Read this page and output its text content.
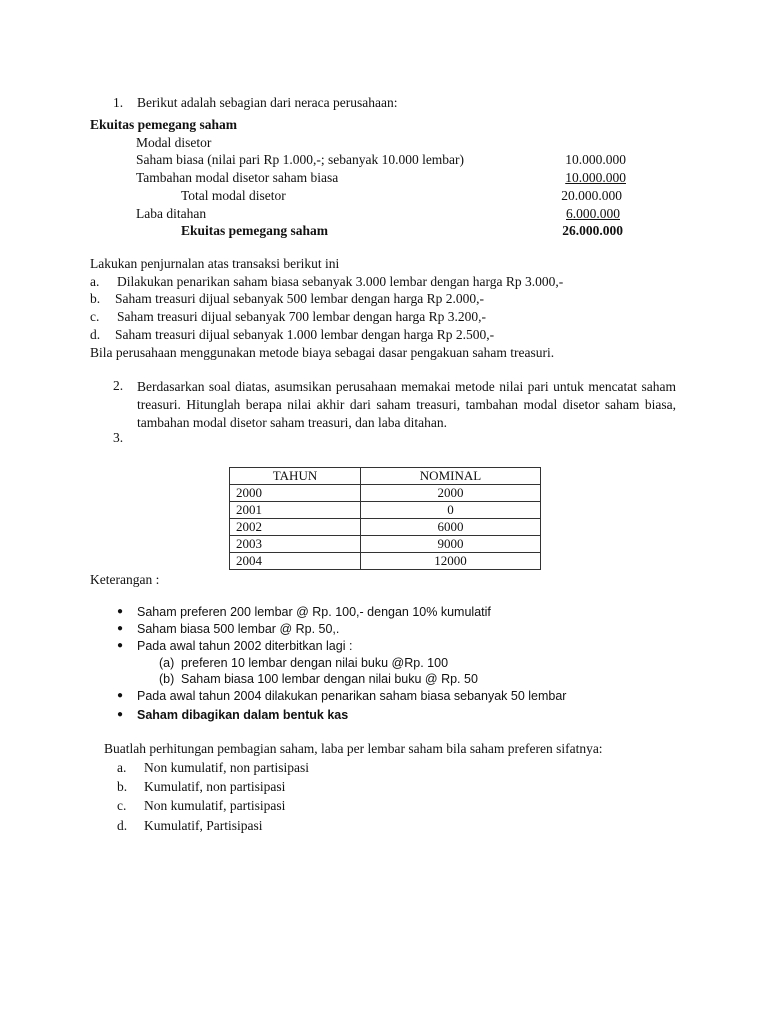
1. Berikut adalah sebagian dari neraca perusahaan:
Ekuitas pemegang saham
Modal disetor
Saham biasa (nilai pari Rp 1.000,-; sebanyak 10.000 lembar)	10.000.000
Tambahan modal disetor saham biasa	10.000.000
Total modal disetor	20.000.000
Laba ditahan	6.000.000
Ekuitas pemegang saham	26.000.000
Lakukan penjurnalan atas transaksi berikut ini
a. Dilakukan penarikan saham biasa sebanyak 3.000 lembar dengan harga Rp 3.000,-
b. Saham treasuri dijual sebanyak 500 lembar dengan harga Rp 2.000,-
c. Saham treasuri dijual sebanyak 700 lembar dengan harga Rp 3.200,-
d. Saham treasuri dijual sebanyak 1.000 lembar dengan harga Rp 2.500,-
Bila perusahaan menggunakan metode biaya sebagai dasar pengakuan saham treasuri.
2. Berdasarkan soal diatas, asumsikan perusahaan memakai metode nilai pari untuk mencatat saham treasuri. Hitunglah berapa nilai akhir dari saham treasuri, tambahan modal disetor saham biasa, tambahan modal disetor saham treasuri, dan laba ditahan.
3.
TAHUN	NOMINAL
2000	2000
2001	0
2002	6000
2003	9000
2004	12000
Keterangan :
● Saham preferen 200 lembar @ Rp. 100,- dengan 10% kumulatif
● Saham biasa 500 lembar @ Rp. 50,.
● Pada awal tahun 2002 diterbitkan lagi :
(a) preferen 10 lembar dengan nilai buku @Rp. 100
(b) Saham biasa 100 lembar dengan nilai buku @ Rp. 50
● Pada awal tahun 2004 dilakukan penarikan saham biasa sebanyak 50 lembar
● Saham dibagikan dalam bentuk kas
Buatlah perhitungan pembagian saham, laba per lembar saham bila saham preferen sifatnya:
a. Non kumulatif, non partisipasi
b. Kumulatif, non partisipasi
c. Non kumulatif, partisipasi
d. Kumulatif, Partisipasi
